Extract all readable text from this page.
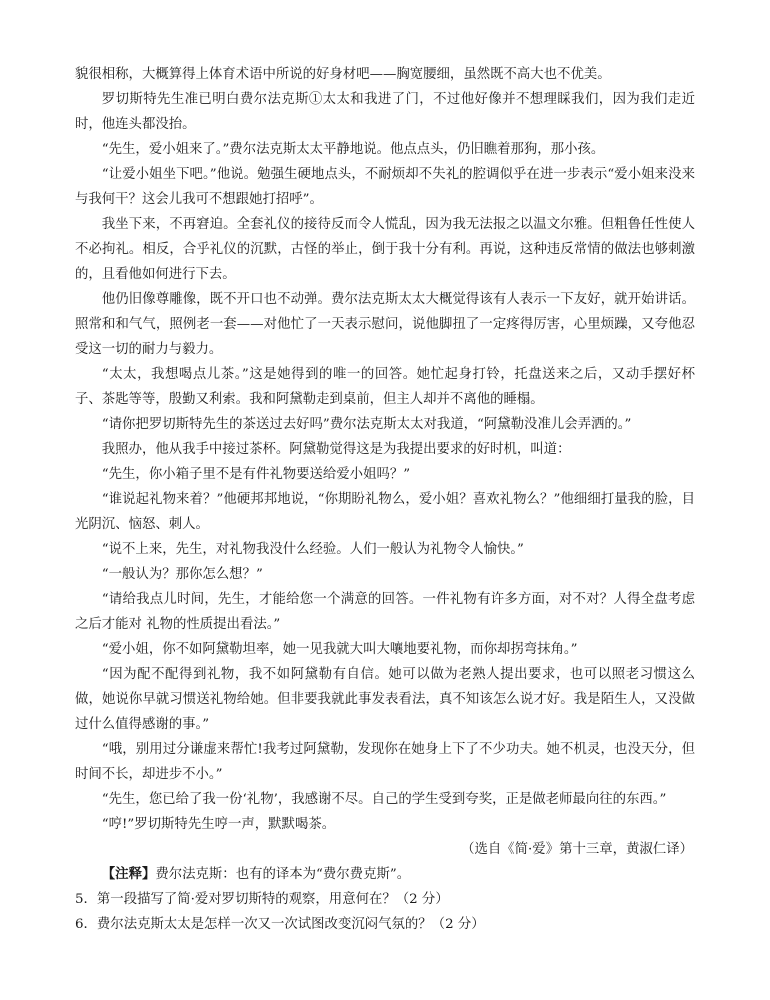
貌很相称，大概算得上体育术语中所说的好身材吧——胸宽腰细，虽然既不高大也不优美。

罗切斯特先生准已明白费尔法克斯①太太和我进了门，不过他好像并不想理睬我们，因为我们走近时，他连头都没抬。

“先生，爱小姐来了。”费尔法克斯太太平静地说。他点点头，仍旧瞧着那狗，那小孩。

“让爱小姐坐下吧。”他说。勉强生硬地点头，不耐烦却不失礼的腔调似乎在进一步表示“爱小姐来没来与我何干？这会儿我可不想跟她打招呼”。

我坐下来，不再窘迫。全套礼仪的接待反而令人慌乱，因为我无法报之以温文尔雅。但粗鲁任性使人不必拘礼。相反，合乎礼仪的沉默，古怪的举止，倒于我十分有利。再说，这种违反常情的做法也够刺激的，且看他如何进行下去。

他仍旧像尊雕像，既不开口也不动弹。费尔法克斯太太大概觉得该有人表示一下友好，就开始讲话。照常和和气气，照例老一套——对他忙了一天表示慰问，说他脚扭了一定疼得厉害，心里烦躁，又夸他忍受这一切的耐力与毅力。

“太太，我想喝点儿茶。”这是她得到的唯一的回答。她忙起身打铃，托盘送来之后，又动手摆好杯子、茶匙等等，殷勤又利索。我和阿黛勒走到桌前，但主人却并不离他的睡榻。

“请你把罗切斯特先生的茶送过去好吗”费尔法克斯太太对我道，“阿黛勒没准儿会弄洒的。”

我照办，他从我手中接过茶杯。阿黛勒觉得这是为我提出要求的好时机，叫道：

“先生，你小箱子里不是有件礼物要送给爱小姐吗？”

“谁说起礼物来着？”他硬邦邦地说，“你期盼礼物么，爱小姐？喜欢礼物么？”他细细打量我的脸，目光阴沉、恼怒、刺人。

“说不上来，先生，对礼物我没什么经验。人们一般认为礼物令人愉快。”

“一般认为？那你怎么想？”

“请给我点儿时间，先生，才能给您一个满意的回答。一件礼物有许多方面，对不对？人得全盘考虑之后才能对 礼物的性质提出看法。”

“爱小姐，你不如阿黛勒坦率，她一见我就大叫大嚷地要礼物，而你却拐弯抹角。”

“因为配不配得到礼物，我不如阿黛勒有自信。她可以做为老熟人提出要求，也可以照老习惯这么做，她说你早就习惯送礼物给她。但非要我就此事发表看法，真不知该怎么说才好。我是陌生人，又没做过什么值得感谢的事。”

“哦，别用过分谦虚来帮忙!我考过阿黛勒，发现你在她身上下了不少功夫。她不机灵，也没天分，但时间不长，却进步不小。”

“先生，您已给了我一份‘礼物’，我感谢不尽。自己的学生受到夸奖，正是做老师最向往的东西。”

“哼!”罗切斯特先生哼一声，默默喝茶。

（选自《简·爱》第十三章，黄淑仁译）

【注释】费尔法克斯：也有的译本为“费尔费克斯”。

5．第一段描写了简·爱对罗切斯特的观察，用意何在？（2 分）

6．费尔法克斯太太是怎样一次又一次试图改变沉闷气氛的？（2 分）
